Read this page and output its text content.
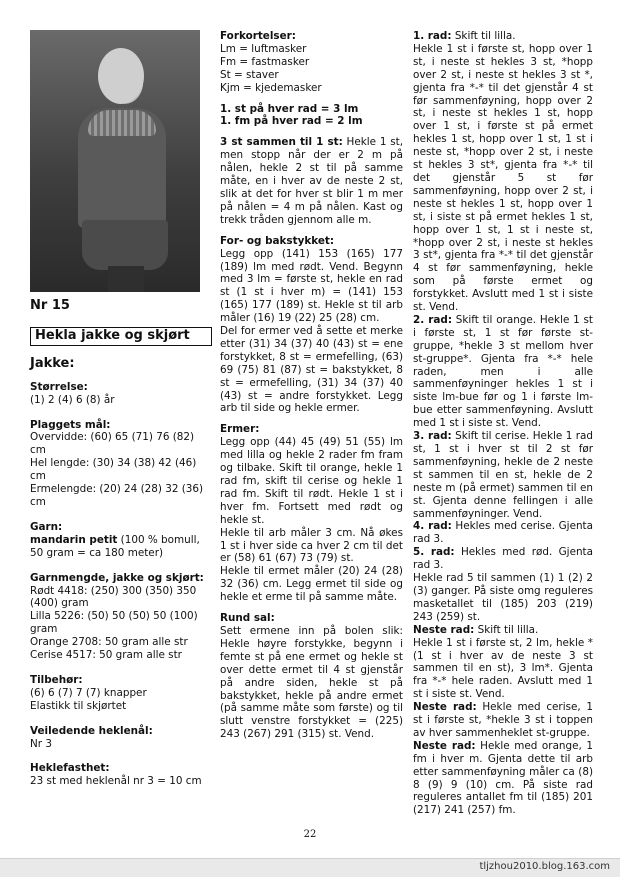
Nr 15
Hekla jakke og skjørt
Jakke:

Størrelse:

(1) 2 (4) 6 (8) år

Plaggets mål:

Overvidde: (60) 65 (71) 76 (82) cm

Hel lengde: (30) 34 (38) 42 (46) cm

Ermelengde: (20) 24 (28) 32 (36) cm

Garn:

mandarin petit (100 % bomull, 50 gram = ca 180 meter)

Garnmengde, jakke og skjørt:

Rødt 4418: (250) 300 (350) 350 (400) gram

Lilla 5226: (50) 50 (50) 50 (100) gram

Orange 2708: 50 gram alle str

Cerise 4517: 50 gram alle str

Tilbehør:

(6) 6 (7) 7 (7) knapper

Elastikk til skjørtet

Veiledende heklenål:

Nr 3

Heklefasthet:

23 st med heklenål nr 3 = 10 cm

Forkortelser:

Lm = luftmasker

Fm = fastmasker

St = staver

Kjm = kjedemasker

1. st på hver rad = 3 lm

1. fm på hver rad = 2 lm

3 st sammen til 1 st: Hekle 1 st, men stopp når der er 2 m på nålen, hekle 2 st til på samme måte, en i hver av de neste 2 st, slik at det for hver st blir 1 m mer på nålen = 4 m på nålen. Kast og trekk tråden gjennom alle m.

For- og bakstykket:

Legg opp (141) 153 (165) 177 (189) lm med rødt. Vend. Begynn med 3 lm = første st, hekle en rad st (1 st i hver m) = (141) 153 (165) 177 (189) st. Hekle st til arb måler (16) 19 (22) 25 (28) cm.

Del for ermer ved å sette et merke etter (31) 34 (37) 40 (43) st = ene forstykket, 8 st = ermefelling, (63) 69 (75) 81 (87) st = bakstykket, 8 st = ermefelling, (31) 34 (37) 40 (43) st = andre forstykket. Legg arb til side og hekle ermer.

Ermer:

Legg opp (44) 45 (49) 51 (55) lm med lilla og hekle 2 rader fm fram og tilbake. Skift til orange, hekle 1 rad fm, skift til cerise og hekle 1 rad fm. Skift til rødt. Hekle 1 st i hver fm. Fortsett med rødt og hekle st.

Hekle til arb måler 3 cm. Nå økes 1 st i hver side ca hver 2 cm til det er (58) 61 (67) 73 (79) st.

Hekle til ermet måler (20) 24 (28) 32 (36) cm. Legg ermet til side og hekle et erme til på samme måte.

Rund sal:

Sett ermene inn på bolen slik: Hekle høyre forstykke, begynn i femte st på ene ermet og hekle st over dette ermet til 4 st gjenstår på andre siden, hekle st på bakstykket, hekle på andre ermet (på samme måte som første) og til slutt venstre forstykket = (225) 243 (267) 291 (315) st. Vend.

1. rad: Skift til lilla.

Hekle 1 st i første st, hopp over 1 st, i neste st hekles 3 st, *hopp over 2 st, i neste st hekles 3 st *, gjenta fra *-* til det gjenstår 4 st før sammenføyning, hopp over 2 st, i neste st hekles 1 st, hopp over 1 st, i første st på ermet hekles 1 st, hopp over 1 st, 1 st i neste st, *hopp over 2 st, i neste st hekles 3 st*, gjenta fra *-* til det gjenstår 5 st før sammenføyning, hopp over 2 st, i neste st hekles 1 st, hopp over 1 st, i siste st på ermet hekles 1 st, hopp over 1 st, 1 st i neste st, *hopp over 2 st, i neste st hekles 3 st*, gjenta fra *-* til det gjenstår 4 st før sammenføyning, hekle som på første ermet og forstykket. Avslutt med 1 st i siste st. Vend.

2. rad: Skift til orange. Hekle 1 st i første st, 1 st før første st-gruppe, *hekle 3 st mellom hver st-gruppe*. Gjenta fra *-* hele raden, men i alle sammenføyninger hekles 1 st i siste lm-bue før og 1 i første lm-bue etter sammenføyning. Avslutt med 1 st i siste st. Vend.

3. rad: Skift til cerise. Hekle 1 rad st, 1 st i hver st til 2 st før sammenføyning, hekle de 2 neste st sammen til en st, hekle de 2 neste m (på ermet) sammen til en st. Gjenta denne fellingen i alle sammenføyninger. Vend.

4. rad: Hekles med cerise. Gjenta rad 3.

5. rad: Hekles med rød. Gjenta rad 3.

Hekle rad 5 til sammen (1) 1 (2) 2 (3) ganger. På siste omg reguleres masketallet til (185) 203 (219) 243 (259) st.

Neste rad: Skift til lilla.

Hekle 1 st i første st, 2 lm, hekle *(1 st i hver av de neste 3 st sammen til en st), 3 lm*. Gjenta fra *-* hele raden. Avslutt med 1 st i siste st. Vend.

Neste rad: Hekle med cerise, 1 st i første st, *hekle 3 st i toppen av hver sammenheklet st-gruppe.

Neste rad: Hekle med orange, 1 fm i hver m. Gjenta dette til arb etter sammenføyning måler ca (8) 8 (9) 9 (10) cm. På siste rad reguleres antallet fm til (185) 201 (217) 241 (257) fm.

22
tljzhou2010.blog.163.com
